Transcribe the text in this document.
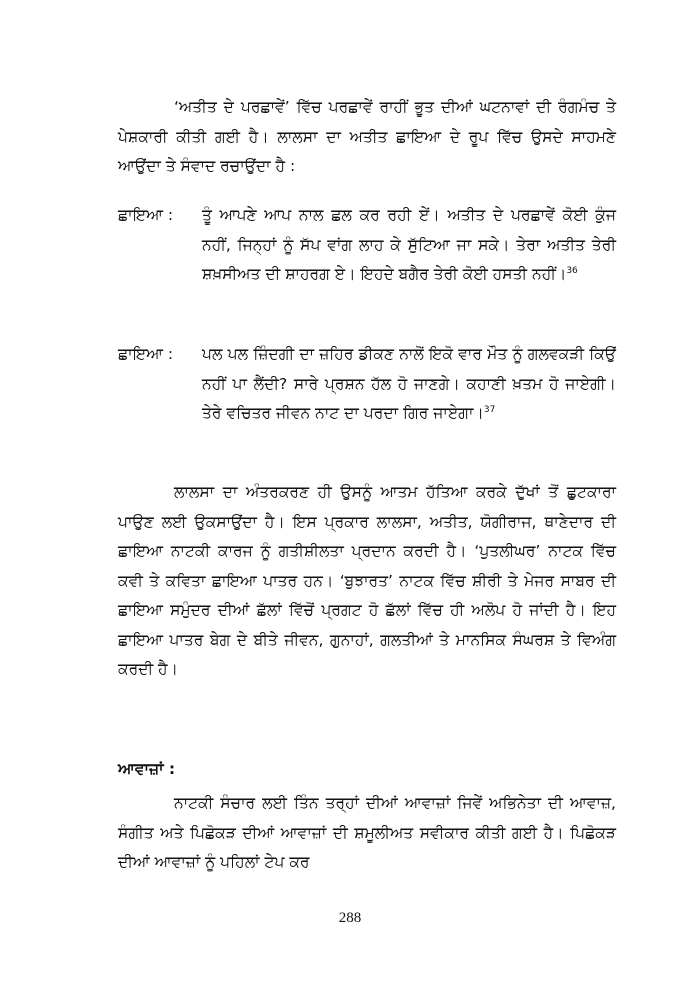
‘ਅਤੀਤ ਦੇ ਪਰਛਾਵੇਂ’ ਵਿੱਚ ਪਰਛਾਵੇਂ ਰਾਹੀਂ ਭੂਤ ਦੀਆਂ ਘਟਨਾਵਾਂ ਦੀ ਰੰਗਮੰਚ ਤੇ ਪੇਸ਼ਕਾਰੀ ਕੀਤੀ ਗਈ ਹੈ। ਲਾਲਸਾ ਦਾ ਅਤੀਤ ਛਾਇਆ ਦੇ ਰੂਪ ਵਿੱਚ ਉਸਦੇ ਸਾਹਮਣੇ ਆਉਂਦਾ ਤੇ ਸੰਵਾਦ ਰਚਾਉਂਦਾ ਹੈ :

ਛਾਇਆ :	ਤੂੰ ਆਪਣੇ ਆਪ ਨਾਲ ਛਲ ਕਰ ਰਹੀ ਏਂ। ਅਤੀਤ ਦੇ ਪਰਛਾਵੇਂ ਕੋਈ ਕੁੰਜ ਨਹੀਂ, ਜਿਨ੍ਹਾਂ ਨੂੰ ਸੱਪ ਵਾਂਗ ਲਾਹ ਕੇ ਸੁੱਟਿਆ ਜਾ ਸਕੇ। ਤੇਰਾ ਅਤੀਤ ਤੇਰੀ ਸ਼ਖ਼ਸੀਅਤ ਦੀ ਸ਼ਾਹਰਗ ਏ। ਇਹਦੇ ਬਗੈਰ ਤੇਰੀ ਕੋਈ ਹਸਤੀ ਨਹੀਂ।$^{36}$
ਛਾਇਆ :	ਪਲ ਪਲ ਜ਼ਿੰਦਗੀ ਦਾ ਜ਼ਹਿਰ ਡੀਕਣ ਨਾਲੋਂ ਇਕੋ ਵਾਰ ਮੌਤ ਨੂੰ ਗਲਵਕੜੀ ਕਿਉਂ ਨਹੀਂ ਪਾ ਲੈਂਦੀ? ਸਾਰੇ ਪ੍ਰਸ਼ਨ ਹੱਲ ਹੋ ਜਾਣਗੇ। ਕਹਾਣੀ ਖ਼ਤਮ ਹੋ ਜਾਏਗੀ। ਤੇਰੇ ਵਚਿਤਰ ਜੀਵਨ ਨਾਟ ਦਾ ਪਰਦਾ ਗਿਰ ਜਾਏਗਾ।$^{37}$

ਲਾਲਸਾ ਦਾ ਅੰਤਰਕਰਣ ਹੀ ਉਸਨੂੰ ਆਤਮ ਹੱਤਿਆ ਕਰਕੇ ਦੁੱਖਾਂ ਤੋਂ ਛੁਟਕਾਰਾ ਪਾਉਣ ਲਈ ਉਕਸਾਉਂਦਾ ਹੈ। ਇਸ ਪ੍ਰਕਾਰ ਲਾਲਸਾ, ਅਤੀਤ, ਯੋਗੀਰਾਜ, ਥਾਣੇਦਾਰ ਦੀ ਛਾਇਆ ਨਾਟਕੀ ਕਾਰਜ ਨੂੰ ਗਤੀਸ਼ੀਲਤਾ ਪ੍ਰਦਾਨ ਕਰਦੀ ਹੈ। ‘ਪੁਤਲੀਘਰ’ ਨਾਟਕ ਵਿੱਚ ਕਵੀ ਤੇ ਕਵਿਤਾ ਛਾਇਆ ਪਾਤਰ ਹਨ। ‘ਬੁਝਾਰਤ’ ਨਾਟਕ ਵਿੱਚ ਸ਼ੀਰੀ ਤੇ ਮੇਜਰ ਸਾਬਰ ਦੀ ਛਾਇਆ ਸਮੁੰਦਰ ਦੀਆਂ ਛੱਲਾਂ ਵਿੱਚੋਂ ਪ੍ਰਗਟ ਹੋ ਛੱਲਾਂ ਵਿੱਚ ਹੀ ਅਲੋਪ ਹੋ ਜਾਂਦੀ ਹੈ। ਇਹ ਛਾਇਆ ਪਾਤਰ ਬੇਗ ਦੇ ਬੀਤੇ ਜੀਵਨ, ਗੁਨਾਹਾਂ, ਗਲਤੀਆਂ ਤੇ ਮਾਨਸਿਕ ਸੰਘਰਸ਼ ਤੇ ਵਿਅੰਗ ਕਰਦੀ ਹੈ।

ਆਵਾਜ਼ਾਂ :

ਨਾਟਕੀ ਸੰਚਾਰ ਲਈ ਤਿੰਨ ਤਰ੍ਹਾਂ ਦੀਆਂ ਆਵਾਜ਼ਾਂ ਜਿਵੇਂ ਅਭਿਨੇਤਾ ਦੀ ਆਵਾਜ਼, ਸੰਗੀਤ ਅਤੇ ਪਿਛੋਕੜ ਦੀਆਂ ਆਵਾਜ਼ਾਂ ਦੀ ਸ਼ਮੂਲੀਅਤ ਸਵੀਕਾਰ ਕੀਤੀ ਗਈ ਹੈ। ਪਿਛੋਕੜ ਦੀਆਂ ਆਵਾਜ਼ਾਂ ਨੂੰ ਪਹਿਲਾਂ ਟੇਪ ਕਰ

288
